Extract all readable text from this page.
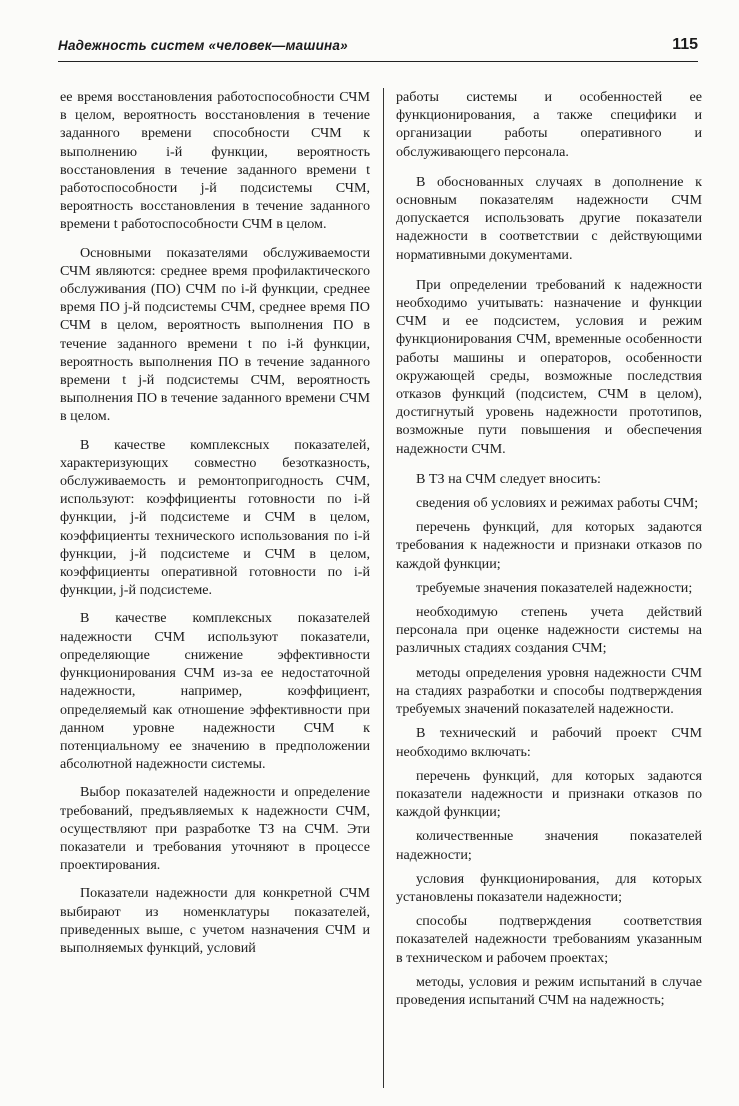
Надежность систем «человек—машина»	115

ее время восстановления работоспособности СЧМ в целом, вероятность восстановления в течение заданного времени способности СЧМ к выполнению i-й функции, вероятность восстановления в течение заданного времени t работоспособности j-й подсистемы СЧМ, вероятность восстановления в течение заданного времени t работоспособности СЧМ в целом.

Основными показателями обслуживаемости СЧМ являются: среднее время профилактического обслуживания (ПО) СЧМ по i-й функции, среднее время ПО j-й подсистемы СЧМ, среднее время ПО СЧМ в целом, вероятность выполнения ПО в течение заданного времени t по i-й функции, вероятность выполнения ПО в течение заданного времени t j-й подсистемы СЧМ, вероятность выполнения ПО в течение заданного времени СЧМ в целом.

В качестве комплексных показателей, характеризующих совместно безотказность, обслуживаемость и ремонтопригодность СЧМ, используют: коэффициенты готовности по i-й функции, j-й подсистеме и СЧМ в целом, коэффициенты технического использования по i-й функции, j-й подсистеме и СЧМ в целом, коэффициенты оперативной готовности по i-й функции, j-й подсистеме.

В качестве комплексных показателей надежности СЧМ используют показатели, определяющие снижение эффективности функционирования СЧМ из-за ее недостаточной надежности, например, коэффициент, определяемый как отношение эффективности при данном уровне надежности СЧМ к потенциальному ее значению в предположении абсолютной надежности системы.

Выбор показателей надежности и определение требований, предъявляемых к надежности СЧМ, осуществляют при разработке ТЗ на СЧМ. Эти показатели и требования уточняют в процессе проектирования.

Показатели надежности для конкретной СЧМ выбирают из номенклатуры показателей, приведенных выше, с учетом назначения СЧМ и выполняемых функций, условий

работы системы и особенностей ее функционирования, а также специфики и организации работы оперативного и обслуживающего персонала.

В обоснованных случаях в дополнение к основным показателям надежности СЧМ допускается использовать другие показатели надежности в соответствии с действующими нормативными документами.

При определении требований к надежности необходимо учитывать: назначение и функции СЧМ и ее подсистем, условия и режим функционирования СЧМ, временные особенности работы машины и операторов, особенности окружающей среды, возможные последствия отказов функций (подсистем, СЧМ в целом), достигнутый уровень надежности прототипов, возможные пути повышения и обеспечения надежности СЧМ.

В ТЗ на СЧМ следует вносить:

сведения об условиях и режимах работы СЧМ;

перечень функций, для которых задаются требования к надежности и признаки отказов по каждой функции;

требуемые значения показателей надежности;

необходимую степень учета действий персонала при оценке надежности системы на различных стадиях создания СЧМ;

методы определения уровня надежности СЧМ на стадиях разработки и способы подтверждения требуемых значений показателей надежности.

В технический и рабочий проект СЧМ необходимо включать:

перечень функций, для которых задаются показатели надежности и признаки отказов по каждой функции;

количественные значения показателей надежности;

условия функционирования, для которых установлены показатели надежности;

способы подтверждения соответствия показателей надежности требованиям указанным в техническом и рабочем проектах;

методы, условия и режим испытаний в случае проведения испытаний СЧМ на надежность;
